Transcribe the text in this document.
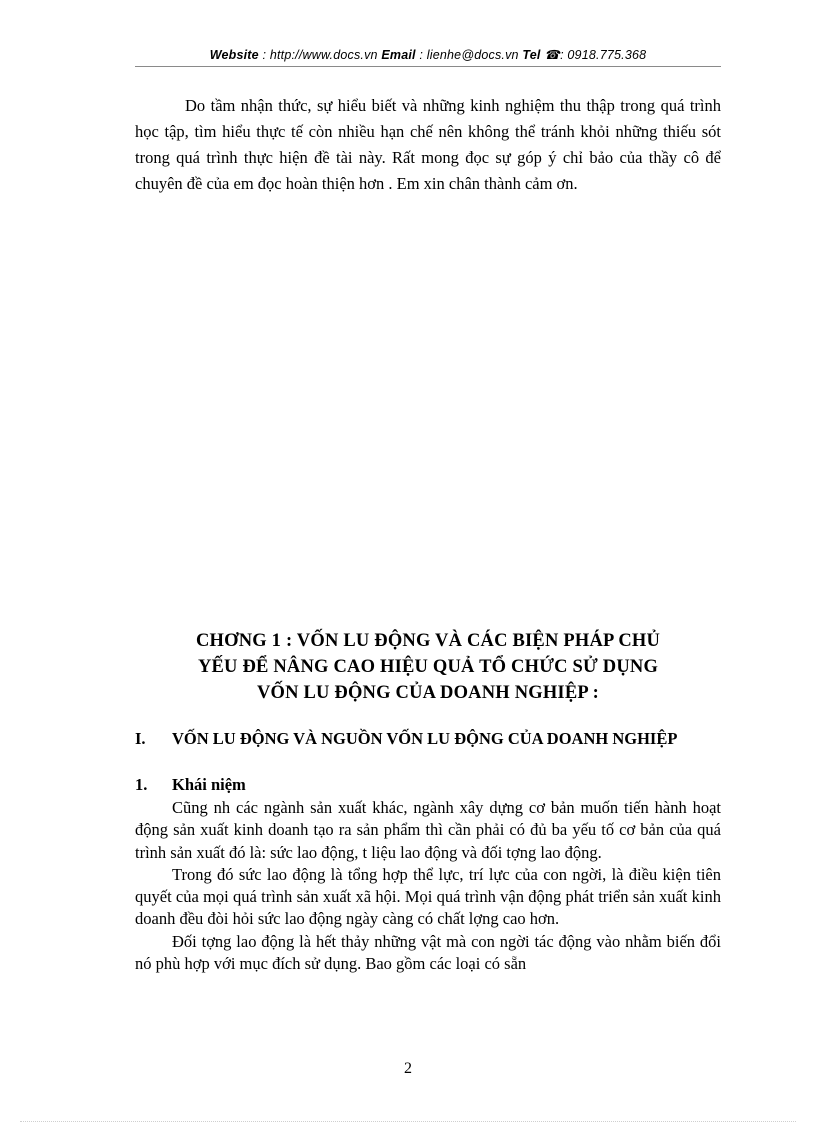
Website : http://www.docs.vn Email : lienhe@docs.vn Tel ☎: 0918.775.368

Do tầm nhận thức, sự hiểu biết và những kinh nghiệm thu thập trong quá trình học tập, tìm hiểu thực tế còn nhiều hạn chế nên không thể tránh khỏi những thiếu sót trong quá trình thực hiện đề tài này. Rất mong đọc sự góp ý chỉ bảo của thầy cô để chuyên đề của em đọc hoàn thiện hơn . Em xin chân thành cảm ơn.

CHƠNG 1 : VỐN LU ĐỘNG VÀ CÁC BIỆN PHÁP CHỦ
YẾU ĐỂ NÂNG CAO HIỆU QUẢ TỔ CHỨC SỬ DỤNG
VỐN LU ĐỘNG CỦA DOANH NGHIỆP :
I. VỐN LU ĐỘNG VÀ NGUỒN VỐN LU ĐỘNG CỦA DOANH NGHIỆP
1. Khái niệm

Cũng nh các ngành sản xuất khác, ngành xây dựng cơ bản muốn tiến hành hoạt động sản xuất kinh doanh tạo ra sản phẩm thì cần phải có đủ ba yếu tố cơ bản của quá trình sản xuất đó là: sức lao động, t liệu lao động và đối tợng lao động.

Trong đó sức lao động là tổng hợp thể lực, trí lực của con ngời, là điều kiện tiên quyết của mọi quá trình sản xuất xã hội. Mọi quá trình vận động phát triển sản xuất kinh doanh đều đòi hỏi sức lao động ngày càng có chất lợng cao hơn.

Đối tợng lao động là hết thảy những vật mà con ngời tác động vào nhằm biến đổi nó phù hợp với mục đích sử dụng. Bao gồm các loại có sẵn

2
